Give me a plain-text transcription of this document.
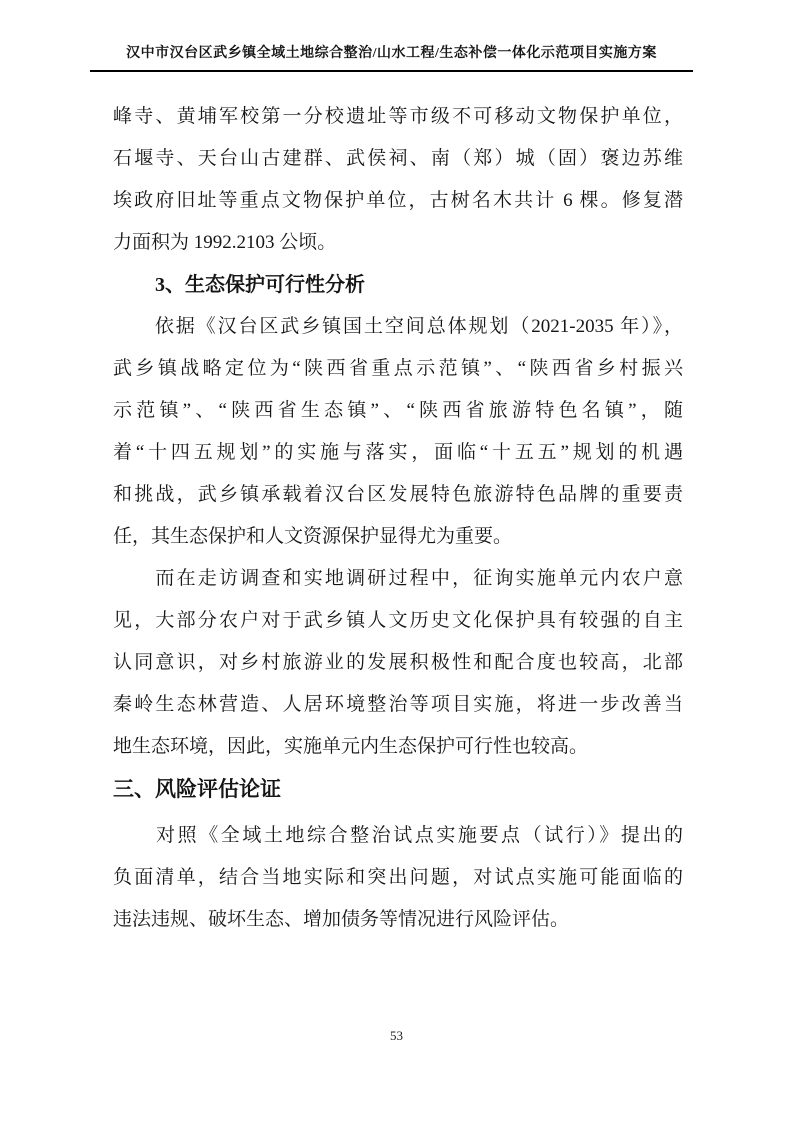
汉中市汉台区武乡镇全域土地综合整治/山水工程/生态补偿一体化示范项目实施方案
峰寺、黄埔军校第一分校遗址等市级不可移动文物保护单位，
石堰寺、天台山古建群、武侯祠、南（郑）城（固）褒边苏维
埃政府旧址等重点文物保护单位，古树名木共计 6 棵。修复潜
力面积为 1992.2103 公顷。
3、生态保护可行性分析
　　依据《汉台区武乡镇国土空间总体规划（2021-2035 年）》，
武乡镇战略定位为“陕西省重点示范镇”、“陕西省乡村振兴
示范镇”、“陕西省生态镇”、“陕西省旅游特色名镇”，随
着“十四五规划”的实施与落实，面临“十五五”规划的机遇
和挑战，武乡镇承载着汉台区发展特色旅游特色品牌的重要责
任，其生态保护和人文资源保护显得尤为重要。
　　而在走访调查和实地调研过程中，征询实施单元内农户意
见，大部分农户对于武乡镇人文历史文化保护具有较强的自主
认同意识，对乡村旅游业的发展积极性和配合度也较高，北部
秦岭生态林营造、人居环境整治等项目实施，将进一步改善当
地生态环境，因此，实施单元内生态保护可行性也较高。
三、风险评估论证
　　对照《全域土地综合整治试点实施要点（试行）》提出的
负面清单，结合当地实际和突出问题，对试点实施可能面临的
违法违规、破坏生态、增加债务等情况进行风险评估。
53
